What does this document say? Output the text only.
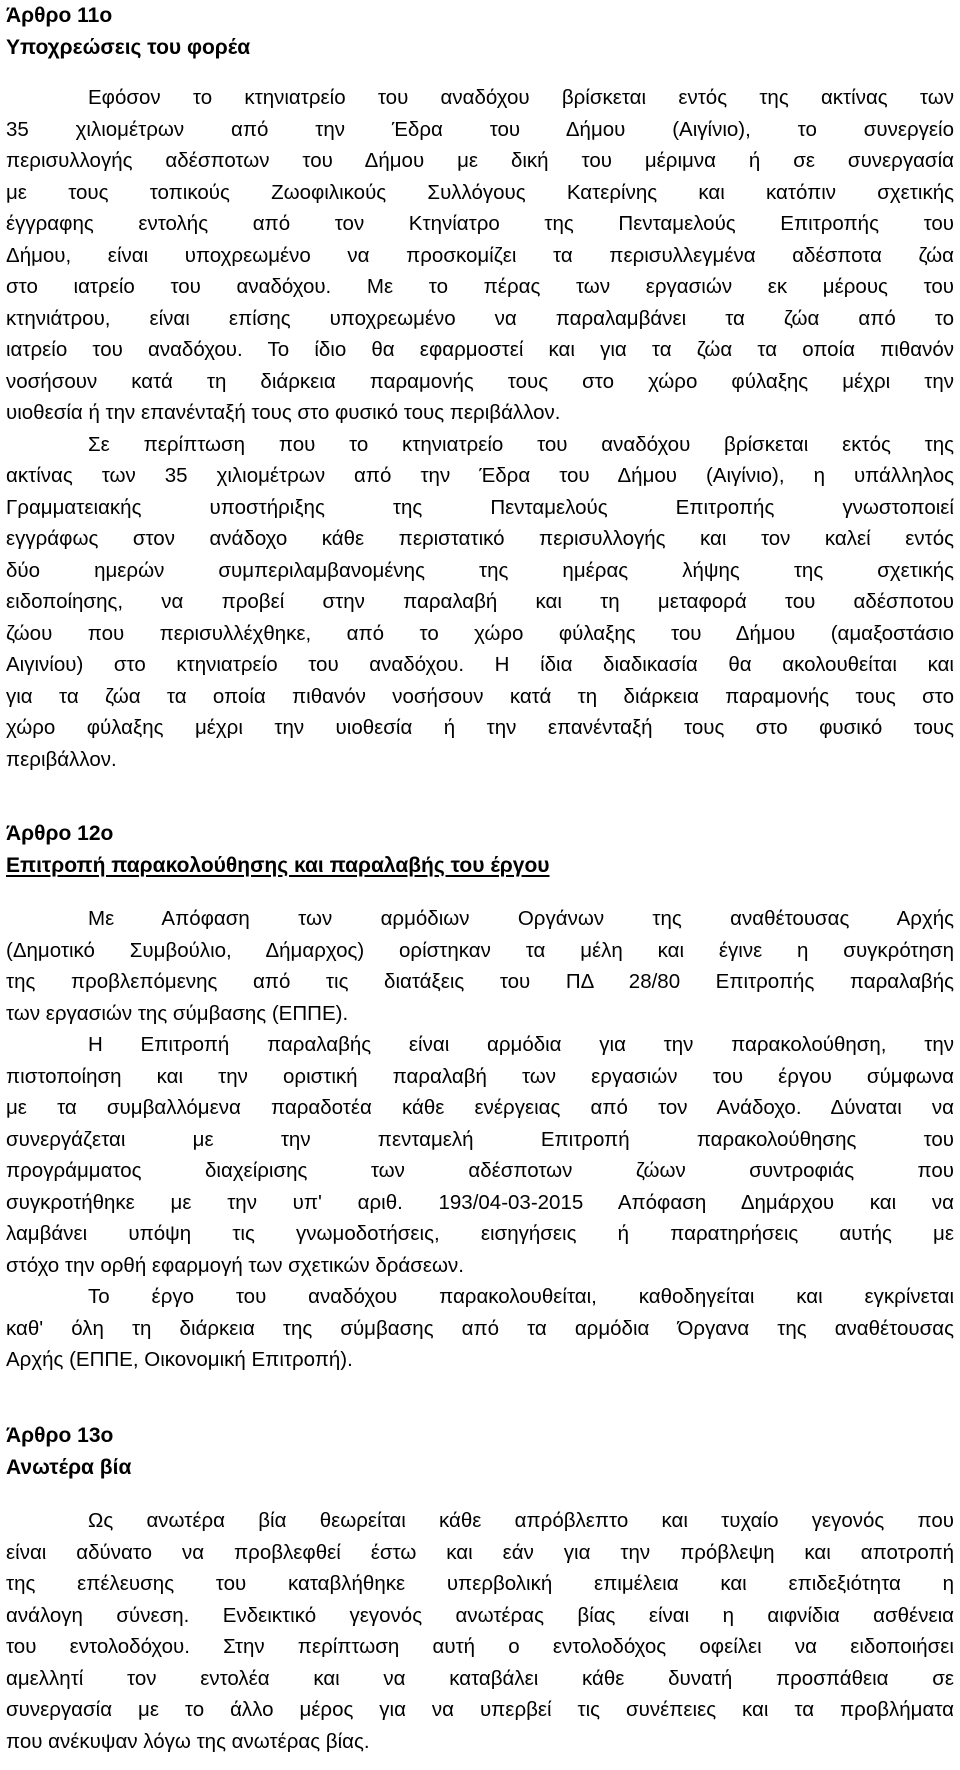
Άρθρο 11ο
Υποχρεώσεις του φορέα
Εφόσον το κτηνιατρείο του αναδόχου βρίσκεται εντός της ακτίνας των
35 χιλιομέτρων από την Έδρα του Δήμου (Αιγίνιο), το συνεργείο
περισυλλογής αδέσποτων του Δήμου με δική του μέριμνα ή σε συνεργασία
με τους τοπικούς Ζωοφιλικούς Συλλόγους Κατερίνης και κατόπιν σχετικής
έγγραφης εντολής από τον Κτηνίατρο της Πενταμελούς Επιτροπής του
Δήμου, είναι υποχρεωμένο να προσκομίζει τα περισυλλεγμένα αδέσποτα ζώα
στο ιατρείο του αναδόχου. Με το πέρας των εργασιών εκ μέρους του
κτηνιάτρου, είναι επίσης υποχρεωμένο να παραλαμβάνει τα ζώα από το
ιατρείο του αναδόχου. Το ίδιο θα εφαρμοστεί και για τα ζώα τα οποία πιθανόν
νοσήσουν κατά τη διάρκεια παραμονής τους στο χώρο φύλαξης μέχρι την
υιοθεσία ή την επανένταξή τους στο φυσικό τους περιβάλλον.
Σε περίπτωση που το κτηνιατρείο του αναδόχου βρίσκεται εκτός της
ακτίνας των 35 χιλιομέτρων από την Έδρα του Δήμου (Αιγίνιο), η υπάλληλος
Γραμματειακής υποστήριξης της Πενταμελούς Επιτροπής γνωστοποιεί
εγγράφως στον ανάδοχο κάθε περιστατικό περισυλλογής και τον καλεί εντός
δύο ημερών συμπεριλαμβανομένης της ημέρας λήψης της σχετικής
ειδοποίησης, να προβεί στην παραλαβή και τη μεταφορά του αδέσποτου
ζώου που περισυλλέχθηκε, από το χώρο φύλαξης του Δήμου (αμαξοστάσιο
Αιγινίου) στο κτηνιατρείο του αναδόχου. Η ίδια διαδικασία θα ακολουθείται και
για τα ζώα τα οποία πιθανόν νοσήσουν κατά τη διάρκεια παραμονής τους στο
χώρο φύλαξης μέχρι την υιοθεσία ή την επανένταξή τους στο φυσικό τους
περιβάλλον.
Άρθρο 12ο
Επιτροπή παρακολούθησης και παραλαβής του έργου
Με Απόφαση των αρμόδιων Οργάνων της αναθέτουσας Αρχής
(Δημοτικό Συμβούλιο, Δήμαρχος) ορίστηκαν τα μέλη και έγινε η συγκρότηση
της προβλεπόμενης από τις διατάξεις του ΠΔ 28/80 Επιτροπής παραλαβής
των εργασιών της σύμβασης (ΕΠΠΕ).
Η Επιτροπή παραλαβής είναι αρμόδια για την παρακολούθηση, την
πιστοποίηση και την οριστική παραλαβή των εργασιών του έργου σύμφωνα
με τα συμβαλλόμενα παραδοτέα κάθε ενέργειας από τον Ανάδοχο. Δύναται να
συνεργάζεται με την πενταμελή Επιτροπή παρακολούθησης του
προγράμματος διαχείρισης των αδέσποτων ζώων συντροφιάς που
συγκροτήθηκε με την υπ' αριθ. 193/04-03-2015 Απόφαση Δημάρχου και να
λαμβάνει υπόψη τις γνωμοδοτήσεις, εισηγήσεις ή παρατηρήσεις αυτής με
στόχο την ορθή εφαρμογή των σχετικών δράσεων.
Το έργο του αναδόχου παρακολουθείται, καθοδηγείται και εγκρίνεται
καθ' όλη τη διάρκεια της σύμβασης από τα αρμόδια Όργανα της αναθέτουσας
Αρχής (ΕΠΠΕ, Οικονομική Επιτροπή).
Άρθρο 13ο
Ανωτέρα βία
Ως ανωτέρα βία θεωρείται κάθε απρόβλεπτο και τυχαίο γεγονός που
είναι αδύνατο να προβλεφθεί έστω και εάν για την πρόβλεψη και αποτροπή
της επέλευσης του καταβλήθηκε υπερβολική επιμέλεια και επιδεξιότητα η
ανάλογη σύνεση. Ενδεικτικό γεγονός ανωτέρας βίας είναι η αιφνίδια ασθένεια
του εντολοδόχου. Στην περίπτωση αυτή ο εντολοδόχος οφείλει να ειδοποιήσει
αμελλητί τον εντολέα και να καταβάλει κάθε δυνατή προσπάθεια σε
συνεργασία με το άλλο μέρος για να υπερβεί τις συνέπειες και τα προβλήματα
που ανέκυψαν λόγω της ανωτέρας βίας.
